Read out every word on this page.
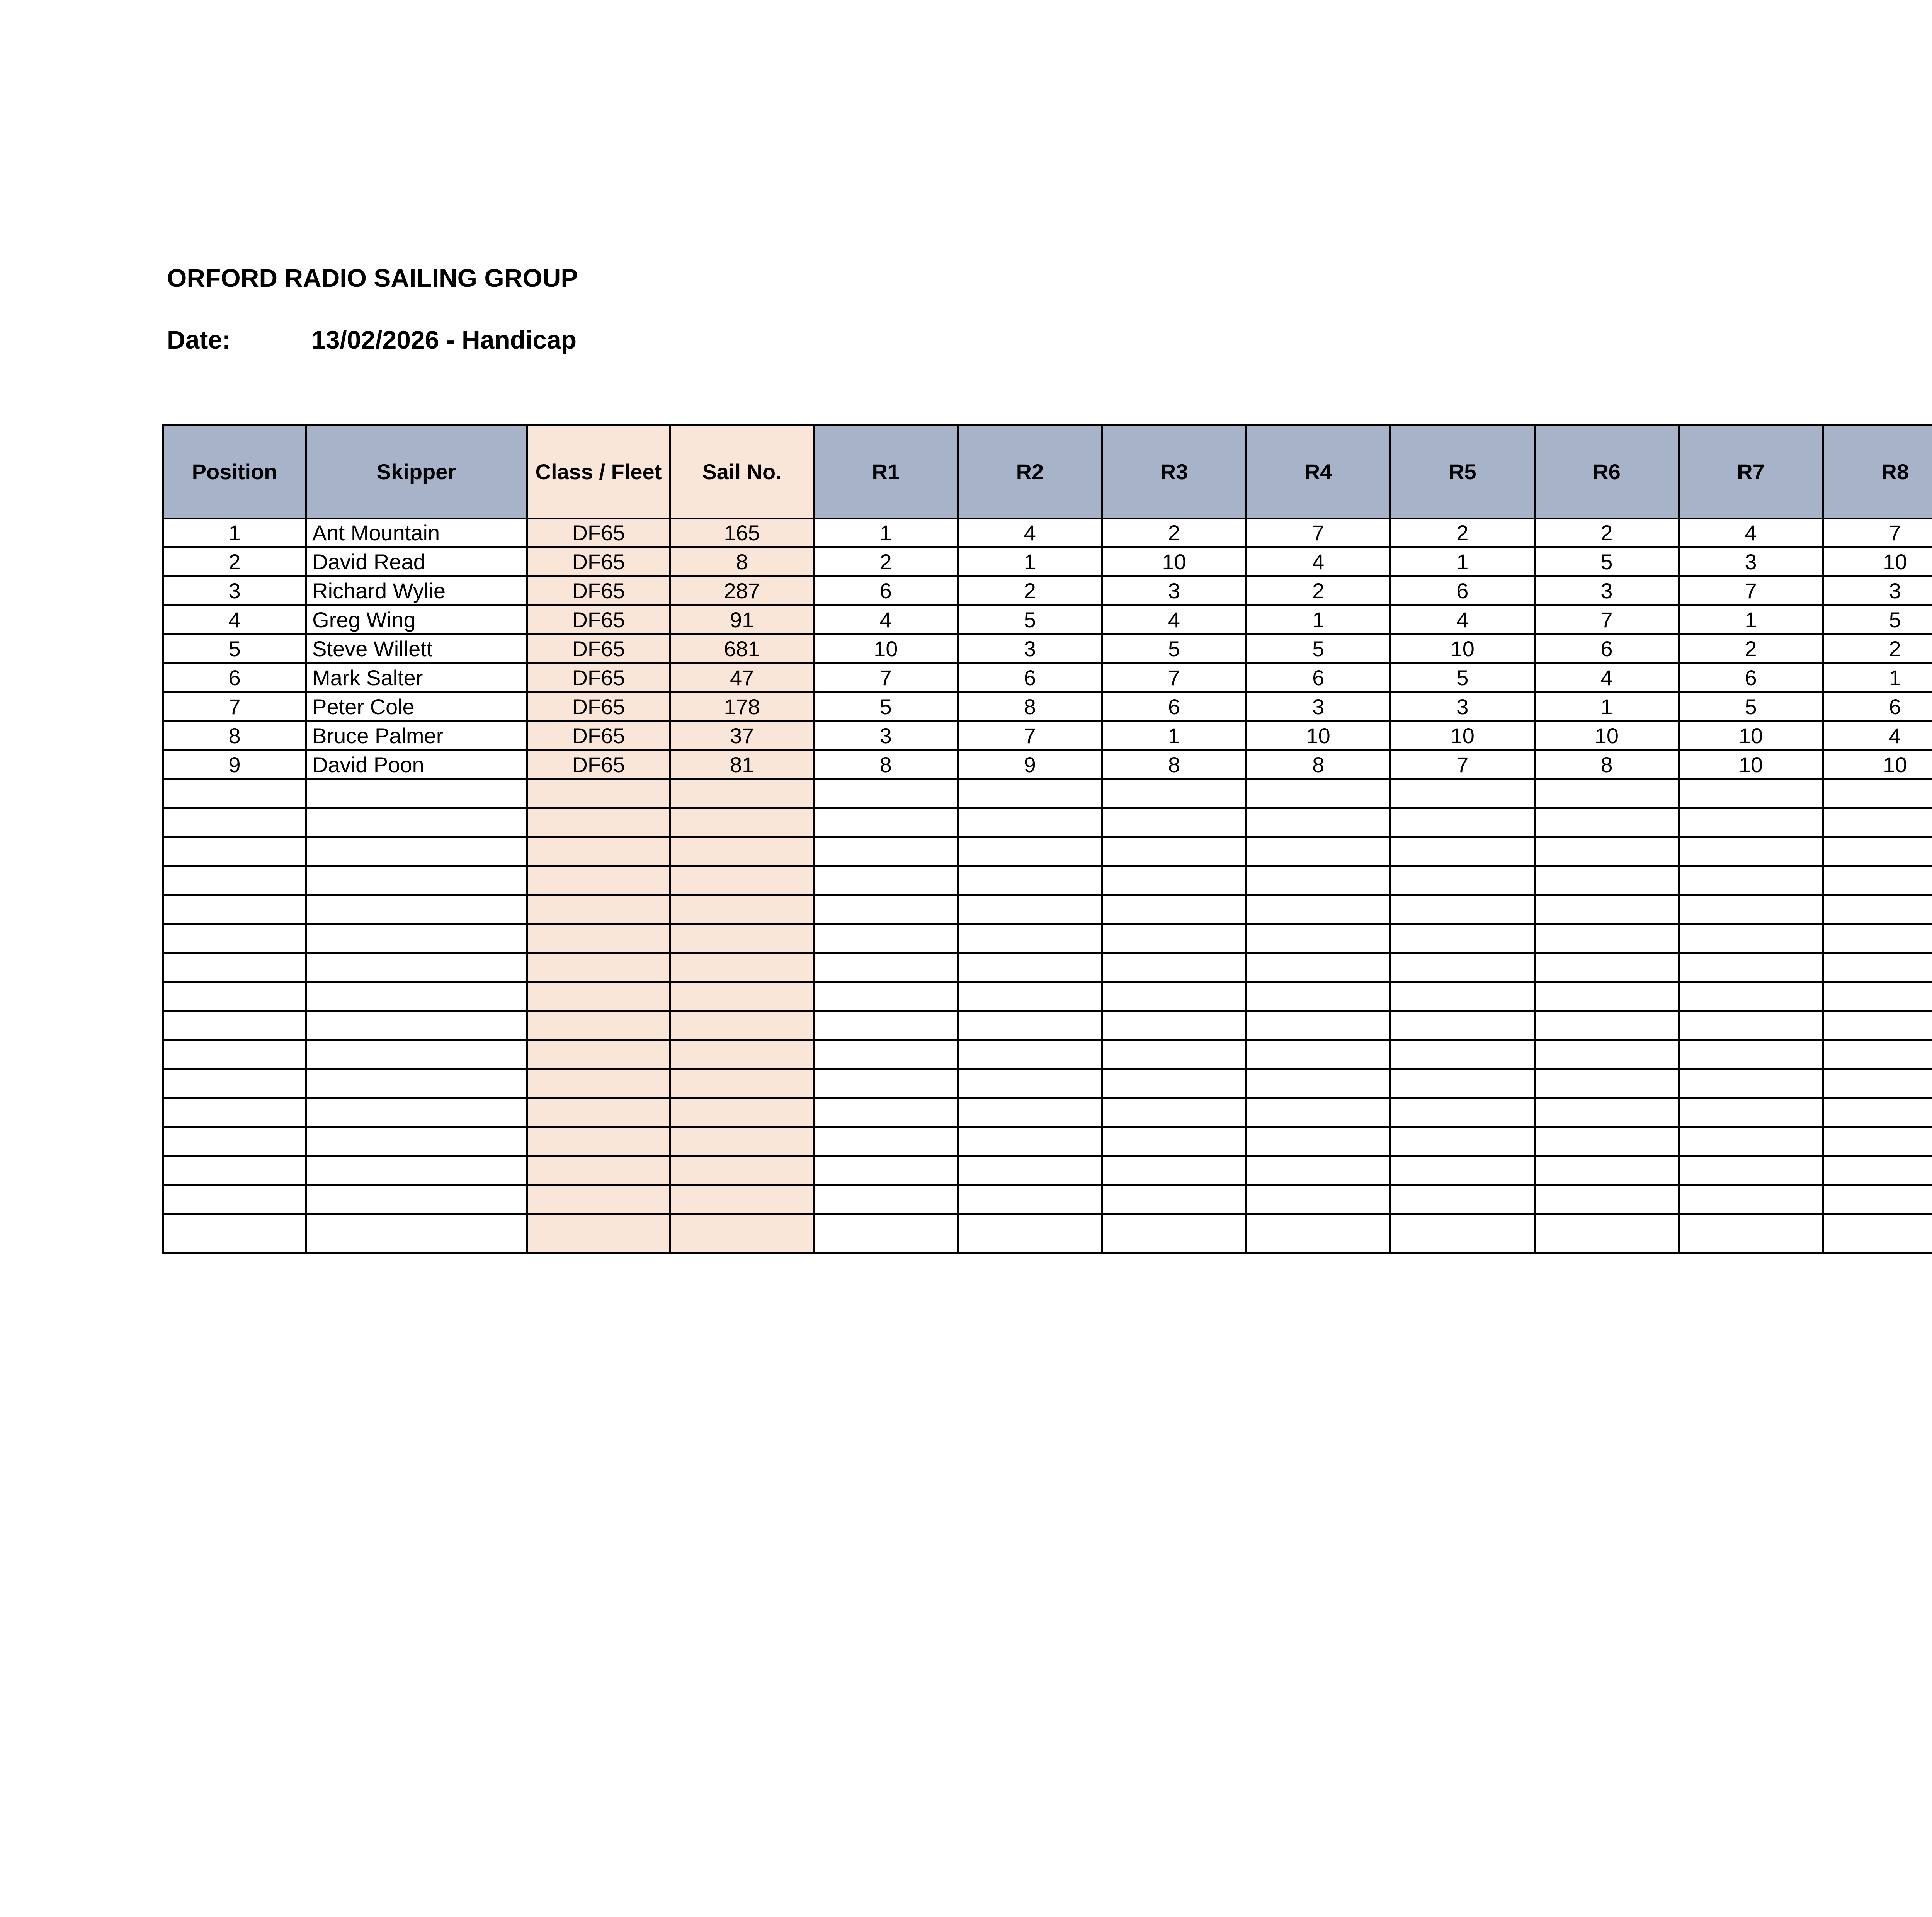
ORFORD RADIO SAILING GROUP
Date:	13/02/2026 - Handicap
Position	Skipper	Class / Fleet	Sail No.	R1	R2	R3	R4	R5	R6	R7	R8				
1	Ant Mountain	DF65	165	1	4	2	7	2	2	4	7				
2	David Read	DF65	8	2	1	10	4	1	5	3	10				
3	Richard Wylie	DF65	287	6	2	3	2	6	3	7	3				
4	Greg Wing	DF65	91	4	5	4	1	4	7	1	5				
5	Steve Willett	DF65	681	10	3	5	5	10	6	2	2				
6	Mark Salter	DF65	47	7	6	7	6	5	4	6	1				
7	Peter Cole	DF65	178	5	8	6	3	3	1	5	6				
8	Bruce Palmer	DF65	37	3	7	1	10	10	10	10	4				
9	David Poon	DF65	81	8	9	8	8	7	8	10	10				
